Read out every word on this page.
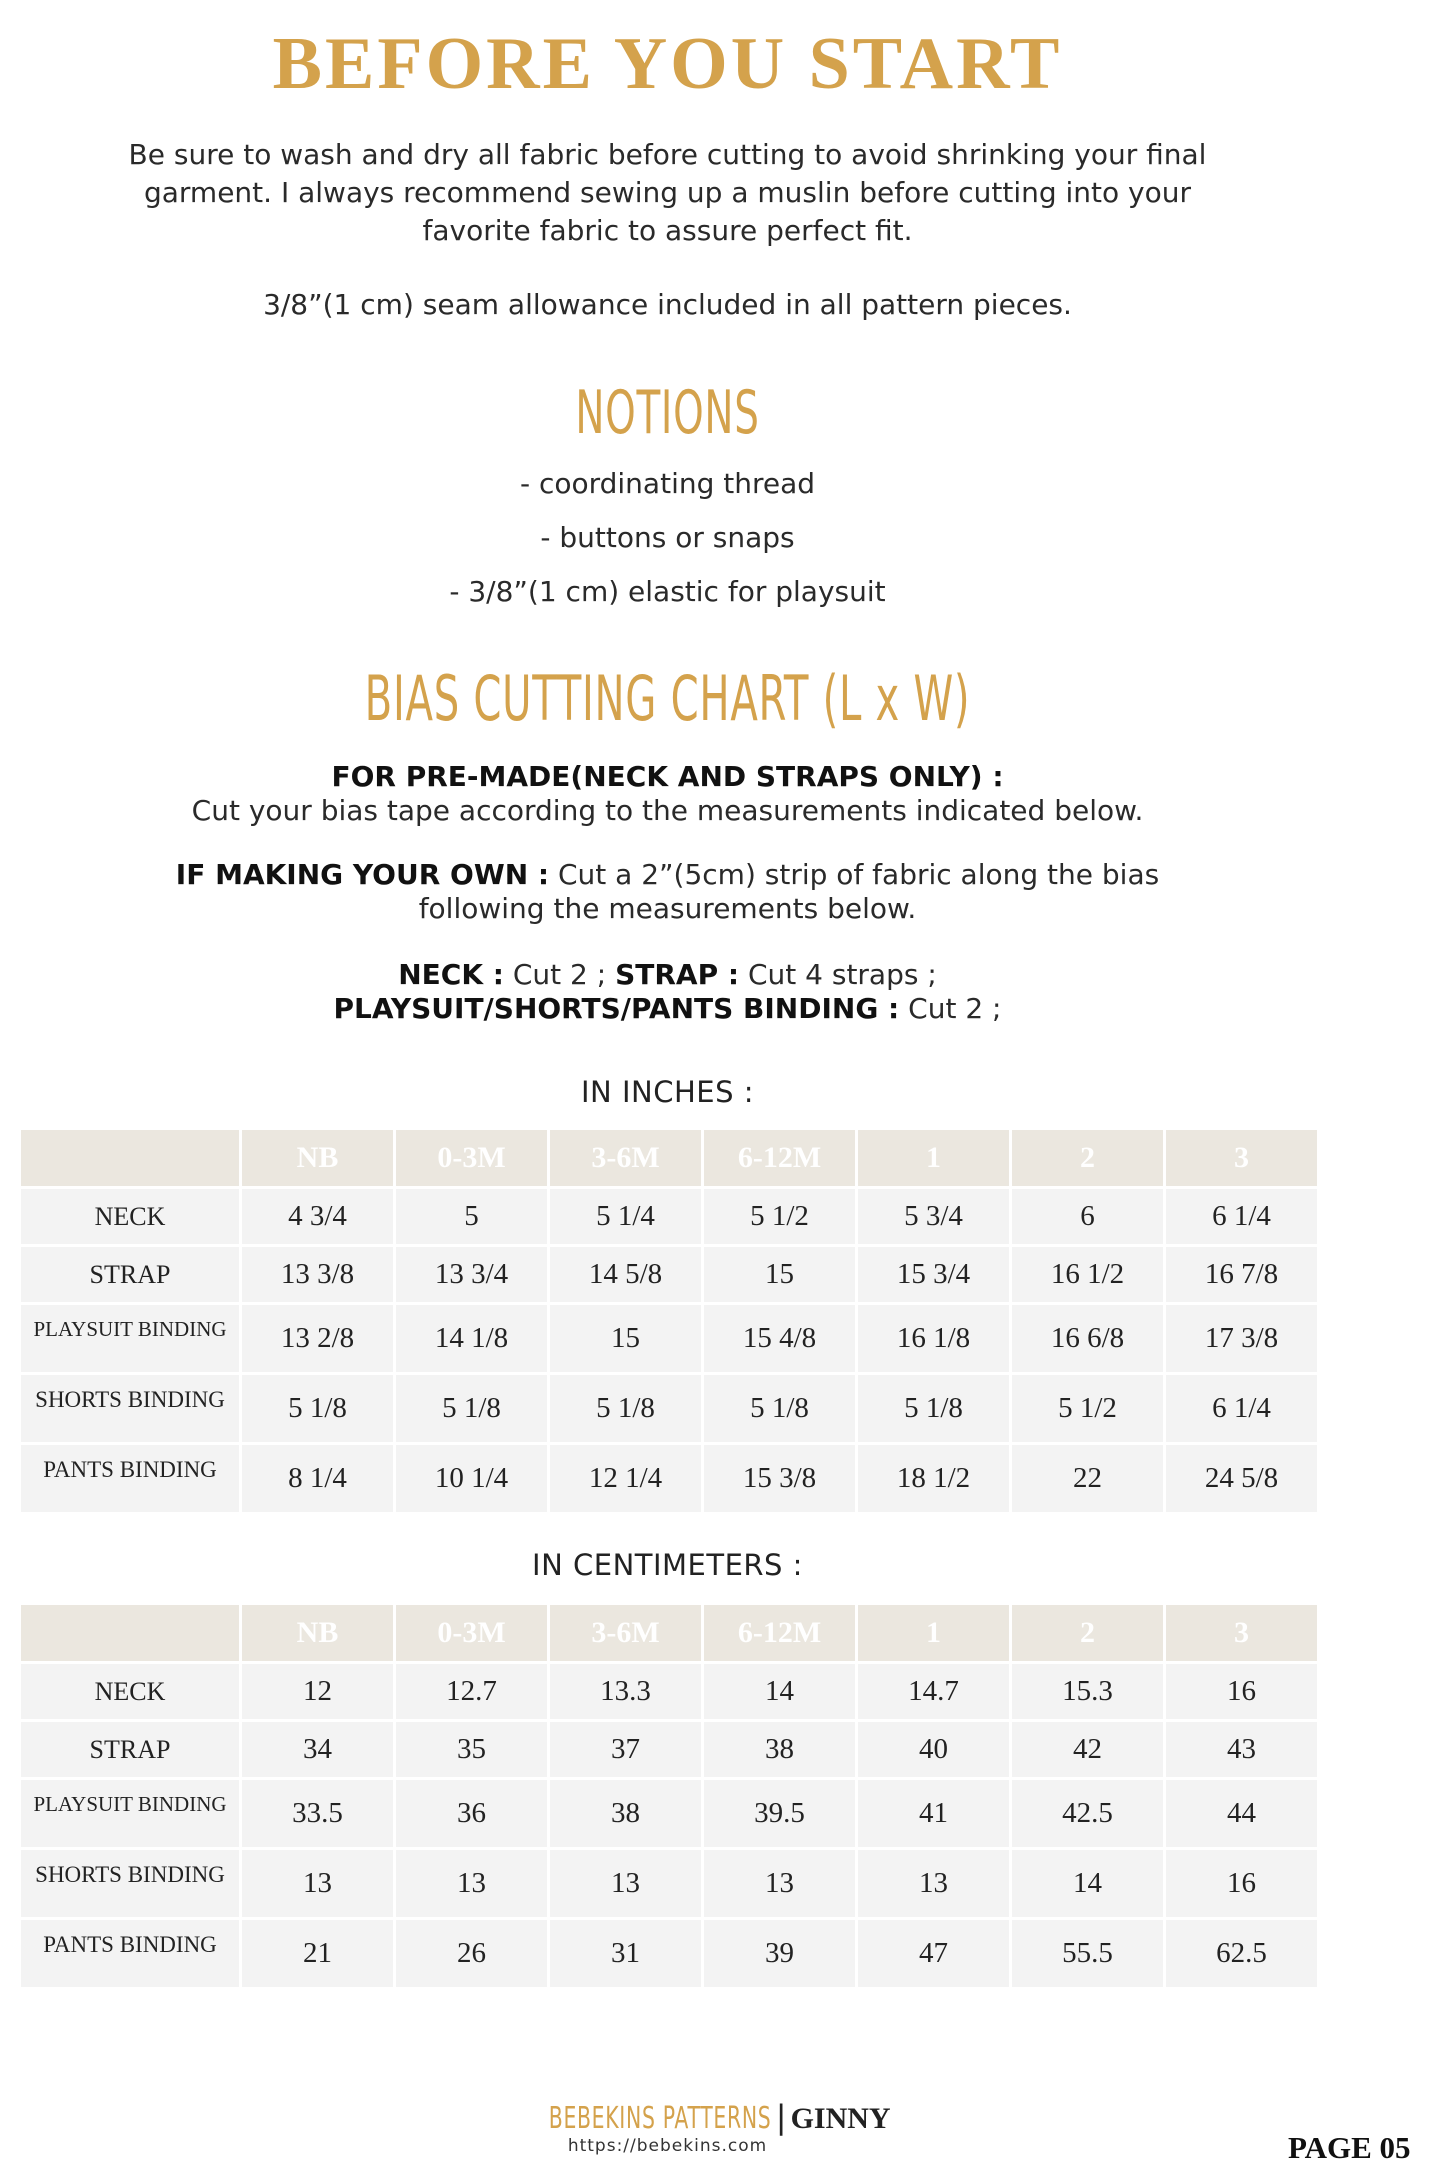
BEFORE YOU START
Be sure to wash and dry all fabric before cutting to avoid shrinking your final
garment. I always recommend sewing up a muslin before cutting into your
favorite fabric to assure perfect fit.
3/8”(1 cm) seam allowance included in all pattern pieces.
NOTIONS
- coordinating thread
- buttons or snaps
- 3/8”(1 cm) elastic for playsuit
BIAS CUTTING CHART (L x W)
FOR PRE-MADE(NECK AND STRAPS ONLY) :
Cut your bias tape according to the measurements indicated below.
IF MAKING YOUR OWN : Cut a 2”(5cm) strip of fabric along the bias
following the measurements below.
NECK : Cut 2 ; STRAP : Cut 4 straps ;
PLAYSUIT/SHORTS/PANTS BINDING : Cut 2 ;
IN INCHES :
	NB	0-3M	3-6M	6-12M	1	2	3
NECK	4 3/4	5	5 1/4	5 1/2	5 3/4	6	6 1/4
STRAP	13 3/8	13 3/4	14 5/8	15	15 3/4	16 1/2	16 7/8
PLAYSUIT BINDING	13 2/8	14 1/8	15	15 4/8	16 1/8	16 6/8	17 3/8
SHORTS BINDING	5 1/8	5 1/8	5 1/8	5 1/8	5 1/8	5 1/2	6 1/4
PANTS BINDING	8 1/4	10 1/4	12 1/4	15 3/8	18 1/2	22	24 5/8
IN CENTIMETERS :
	NB	0-3M	3-6M	6-12M	1	2	3
NECK	12	12.7	13.3	14	14.7	15.3	16
STRAP	34	35	37	38	40	42	43
PLAYSUIT BINDING	33.5	36	38	39.5	41	42.5	44
SHORTS BINDING	13	13	13	13	13	14	16
PANTS BINDING	21	26	31	39	47	55.5	62.5
BEBEKINS PATTERNS | GINNY
https://bebekins.com	PAGE 05
